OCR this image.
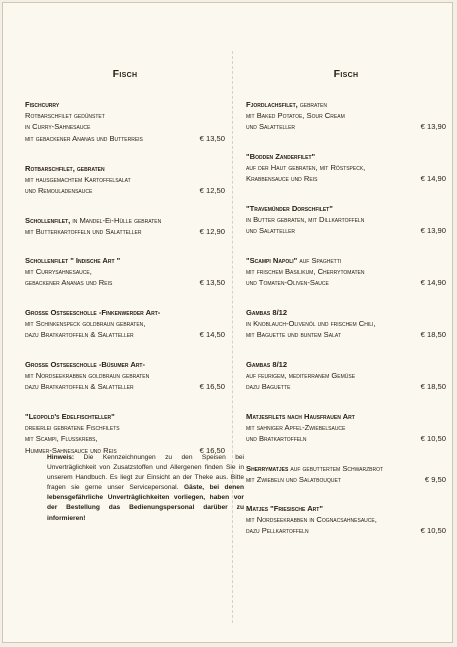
Fisch
Fischcurry
Rotbarschfilet gedünstet
in Curry-Sahnesauce
mit gebackener Ananas und Butterreis	€ 13,50
Rotbarschfilet, gebraten
mit hausgemachtem Kartoffelsalat
und Remouladensauce	€ 12,50
Schollenfilet, in Mandel-Ei-Hülle gebraten
mit Butterkartoffeln und Salatteller	€ 12,90
Schollenfilet " Indische Art "
mit Currysahnesauce,
gebackener Ananas und Reis	€ 13,50
Große Ostseescholle -Finkenwerder Art-
mit Schinkenspeck goldbraun gebraten,
dazu Bratkartoffeln & Salatteller	€ 14,50
Große Ostseescholle -Büsumer Art-
mit Nordseekrabben goldbraun gebraten
dazu Bratkartoffeln & Salatteller	€ 16,50
"Leopold's Edelfischteller"
dreierlei gebratene Fischfilets
mit Scampi, Flußkrebs,
Hummer-Sahnesauce und Reis	€ 16,50
Hinweis: Die Kennzeichnungen zu den Speisen bei Unverträglichkeit von Zusatzstoffen und Allergenen finden Sie in unserem Handbuch. Es liegt zur Einsicht an der Theke aus. Bitte fragen sie gerne unser Servicepersonal. Gäste, bei denen lebensgefährliche Unverträglichkeiten vorliegen, haben vor der Bestellung das Bedienungspersonal darüber zu informieren!
Fisch
Fjordlachsfilet, gebraten
mit Baked Potatoe, Sour Cream
und Salatteller	€ 13,90
"Bodden Zanderfilet"
auf der Haut gebraten, mit Röstspeck,
Krabbensauce und Reis	€ 14,90
"Travemünder Dorschfilet"
in Butter gebraten, mit Dillkartoffeln
und Salatteller	€ 13,90
"Scampi Napoli" auf Spaghetti
mit frischem Basilikum, Cherrytomaten
und Tomaten-Oliven-Sauce	€ 14,90
Gambas 8/12
in Knoblauch-Olivenöl und frischem Chili,
mit Baguette und buntem Salat	€ 18,50
Gambas 8/12
auf feurigem, mediterranem Gemüse
dazu Baguette	€ 18,50
Matjesfilets nach Hausfrauen Art
mit sahniger Apfel-Zwiebelsauce
und Bratkartoffeln	€ 10,50
Sherrymatjes auf gebuttertem Schwarzbrot
mit Zwiebeln und Salatbouquet	€ 9,50
Matjes "Friesische Art"
mit Nordseekrabben in Cognacsahnesauce,
dazu Pellkartoffeln	€ 10,50
